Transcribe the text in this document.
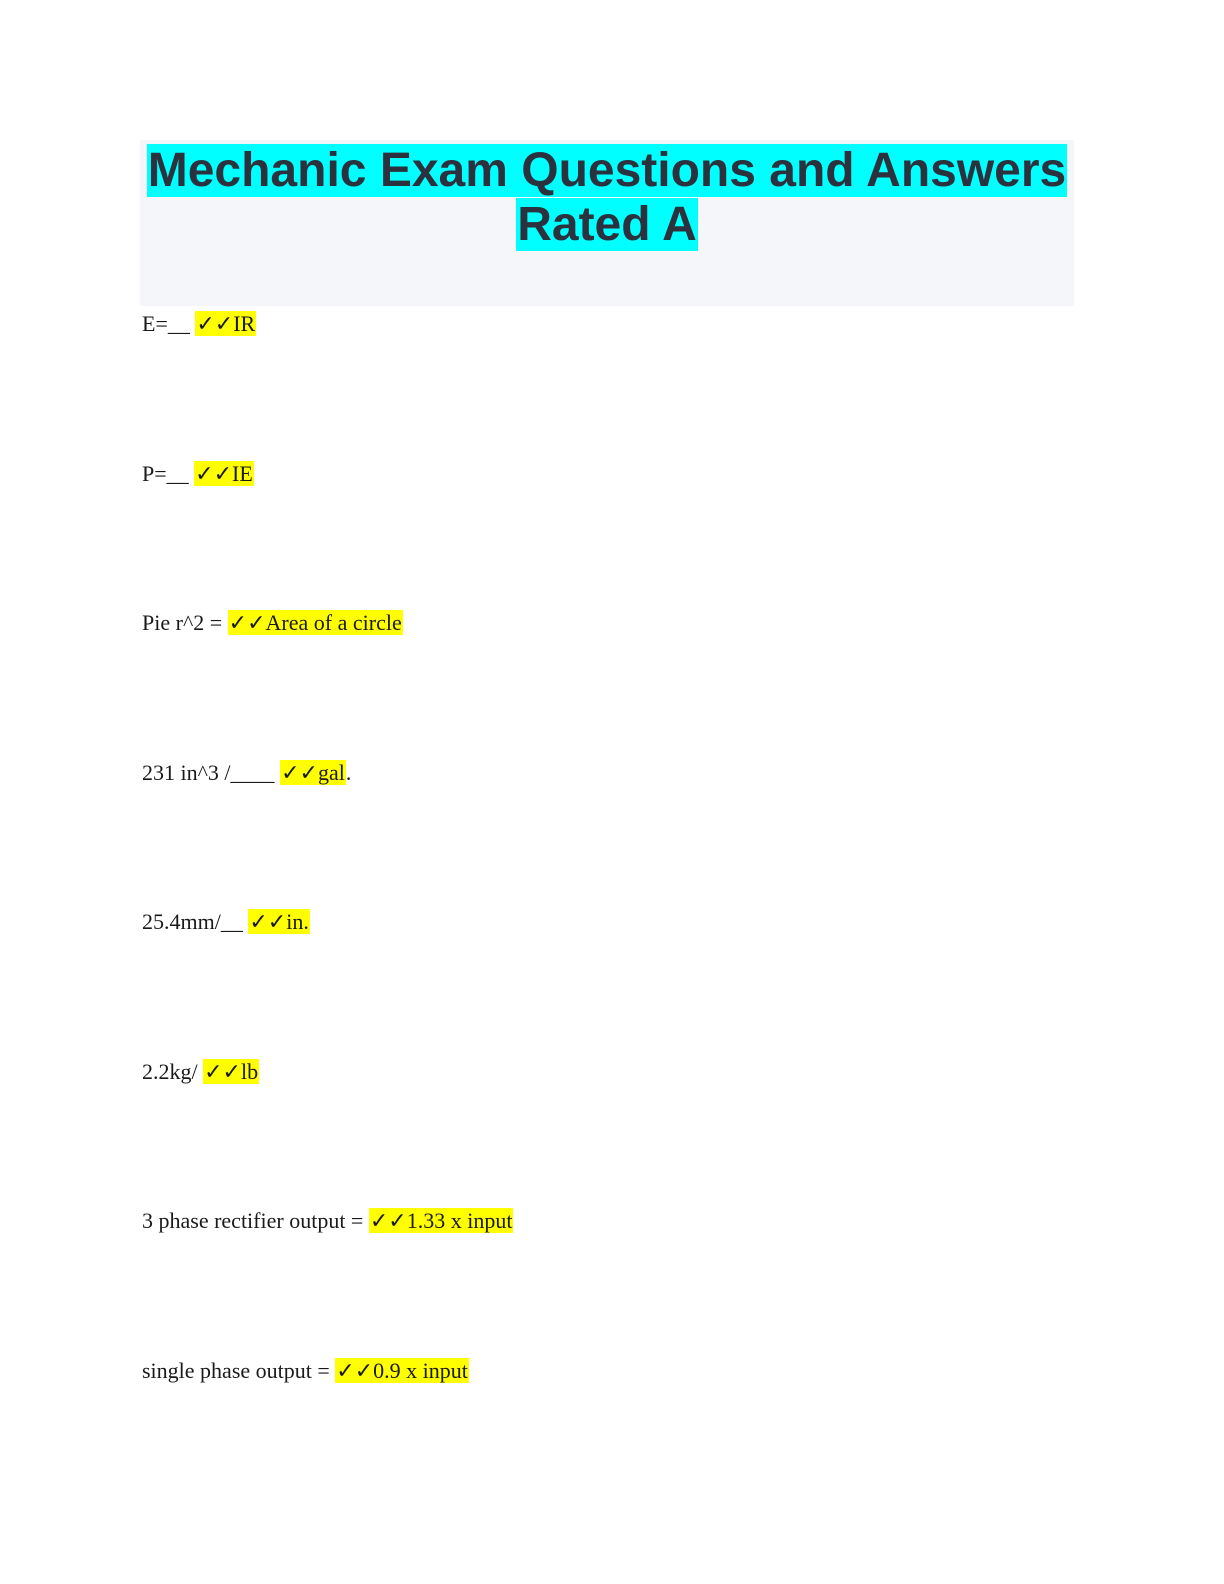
Mechanic Exam Questions and Answers
Rated A
E=__ ✓✓IR
P=__ ✓✓IE
Pie r^2 = ✓✓Area of a circle
231 in^3 /____ ✓✓gal.
25.4mm/__ ✓✓in.
2.2kg/ ✓✓lb
3 phase rectifier output = ✓✓1.33 x input
single phase output = ✓✓0.9 x input
